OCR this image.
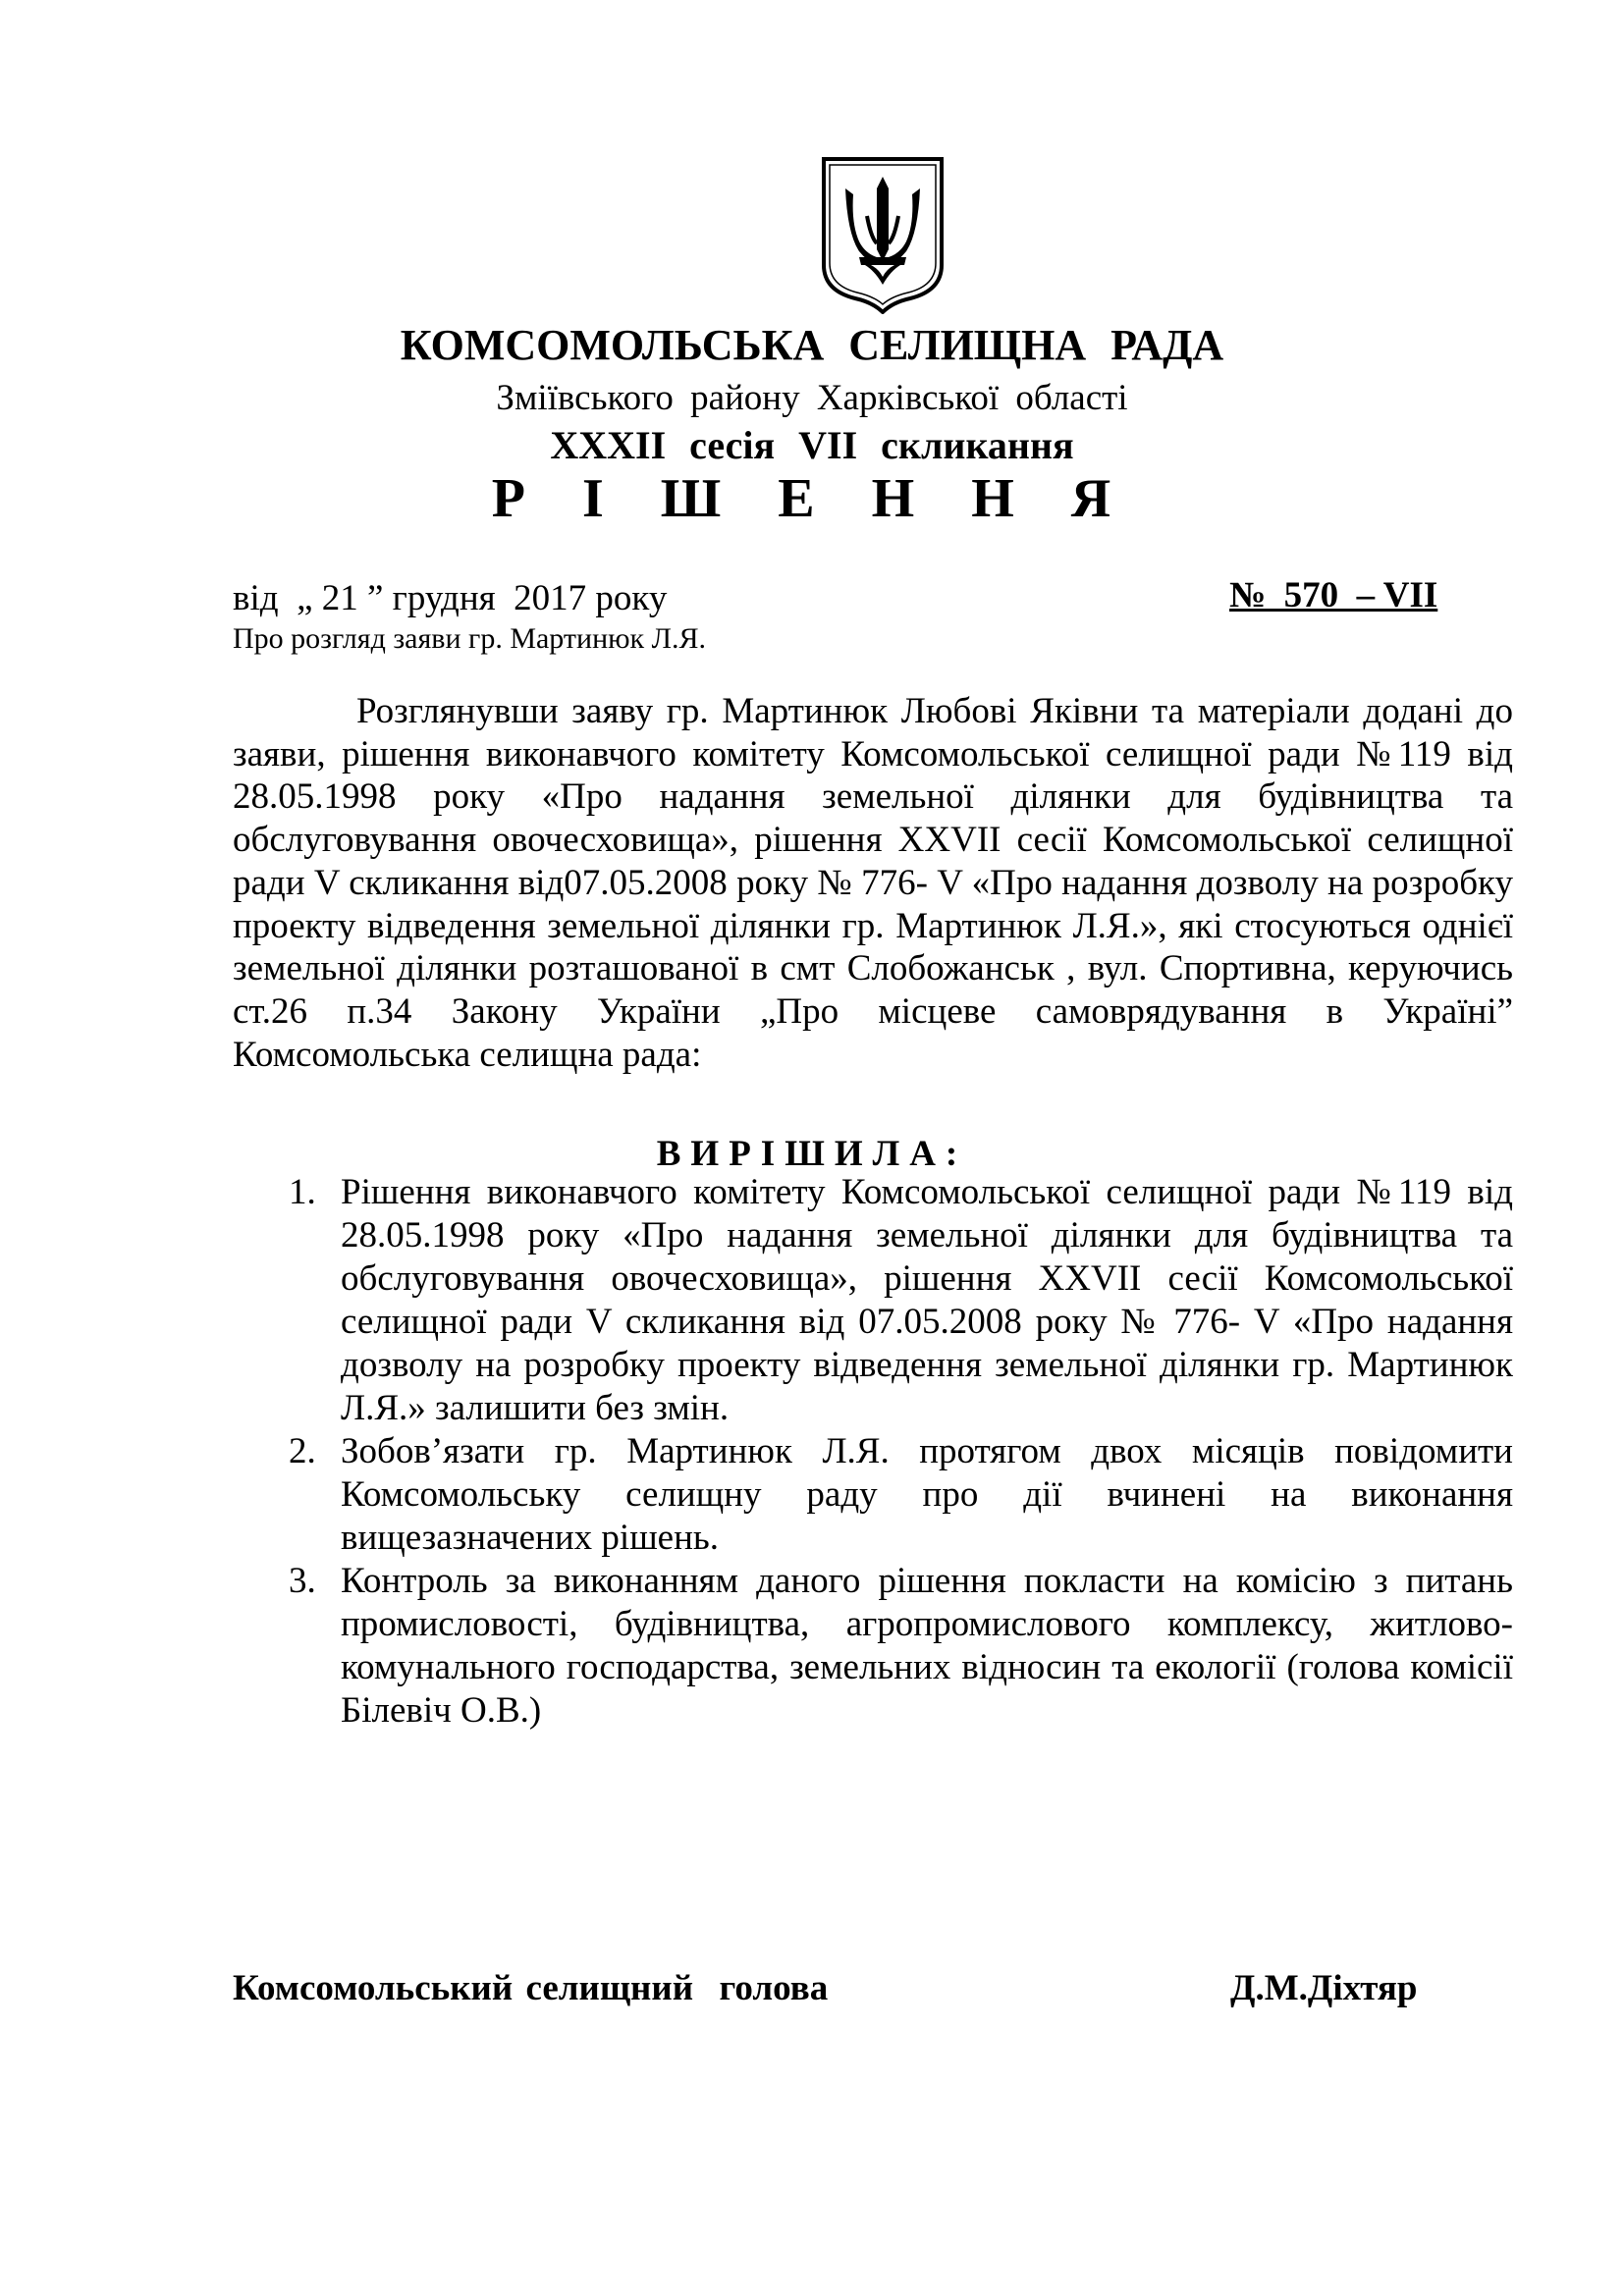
КОМСОМОЛЬСЬКА СЕЛИЩНА РАДА
Зміївського району Харківської області
XXXII сесія VII скликання
Р І Ш Е Н Н Я
від  „ 21 ” грудня  2017 року	№  570  – VII
Про розгляд заяви гр. Мартинюк Л.Я.

Розглянувши заяву гр. Мартинюк Любові Яківни та матеріали додані до заяви, рішення виконавчого комітету Комсомольської селищної ради №119 від 28.05.1998 року «Про надання земельної ділянки для будівництва та обслуговування овочесховища», рішення XXVII сесії Комсомольської селищної ради V скликання від07.05.2008 року № 776- V «Про надання дозволу на розробку проекту відведення земельної ділянки гр. Мартинюк Л.Я.», які стосуються однієї земельної ділянки розташованої в смт Слобожанськ , вул. Спортивна, керуючись ст.26 п.34 Закону України „Про місцеве самоврядування в Україні” Комсомольська селищна рада:

ВИРІШИЛА:
1. Рішення виконавчого комітету Комсомольської селищної ради №119 від 28.05.1998 року «Про надання земельної ділянки для будівництва та обслуговування овочесховища», рішення XXVII сесії Комсомольської селищної ради V скликання від 07.05.2008 року № 776- V «Про надання дозволу на розробку проекту відведення земельної ділянки гр. Мартинюк Л.Я.» залишити без змін.
2. Зобов’язати гр. Мартинюк Л.Я. протягом двох місяців повідомити Комсомольську селищну раду про дії вчинені на виконання вищезазначених рішень.
3. Контроль за виконанням даного рішення покласти на комісію з питань промисловості, будівництва, агропромислового комплексу, житлово-комунального господарства, земельних відносин та екології (голова комісії Білевіч О.В.)
Комсомольський селищний  голова	Д.М.Діхтяр
